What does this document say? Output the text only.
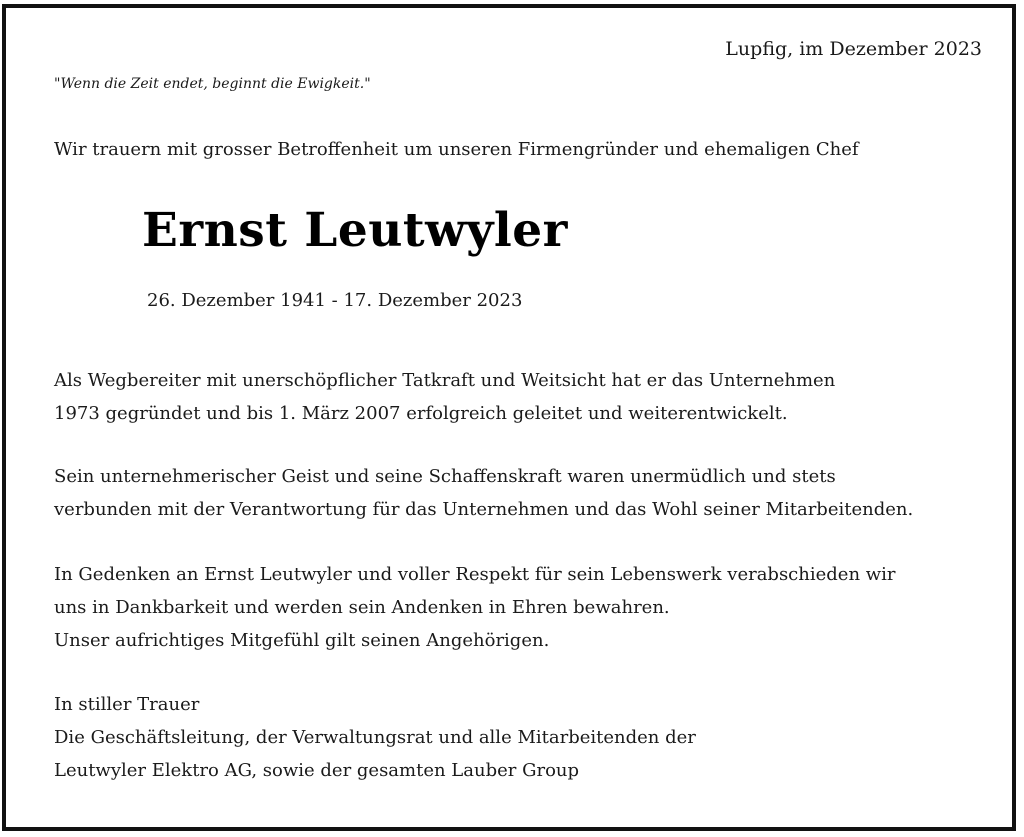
Lupfig, im Dezember 2023
"Wenn die Zeit endet, beginnt die Ewigkeit."
Wir trauern mit grosser Betroffenheit um unseren Firmengründer und ehemaligen Chef
Ernst Leutwyler
26. Dezember 1941 - 17. Dezember 2023
Als Wegbereiter mit unerschöpflicher Tatkraft und Weitsicht hat er das Unternehmen
1973 gegründet und bis 1. März 2007 erfolgreich geleitet und weiterentwickelt.
Sein unternehmerischer Geist und seine Schaffenskraft waren unermüdlich und stets
verbunden mit der Verantwortung für das Unternehmen und das Wohl seiner Mitarbeitenden.
In Gedenken an Ernst Leutwyler und voller Respekt für sein Lebenswerk verabschieden wir
uns in Dankbarkeit und werden sein Andenken in Ehren bewahren.
Unser aufrichtiges Mitgefühl gilt seinen Angehörigen.
In stiller Trauer
Die Geschäftsleitung, der Verwaltungsrat und alle Mitarbeitenden der
Leutwyler Elektro AG, sowie der gesamten Lauber Group
